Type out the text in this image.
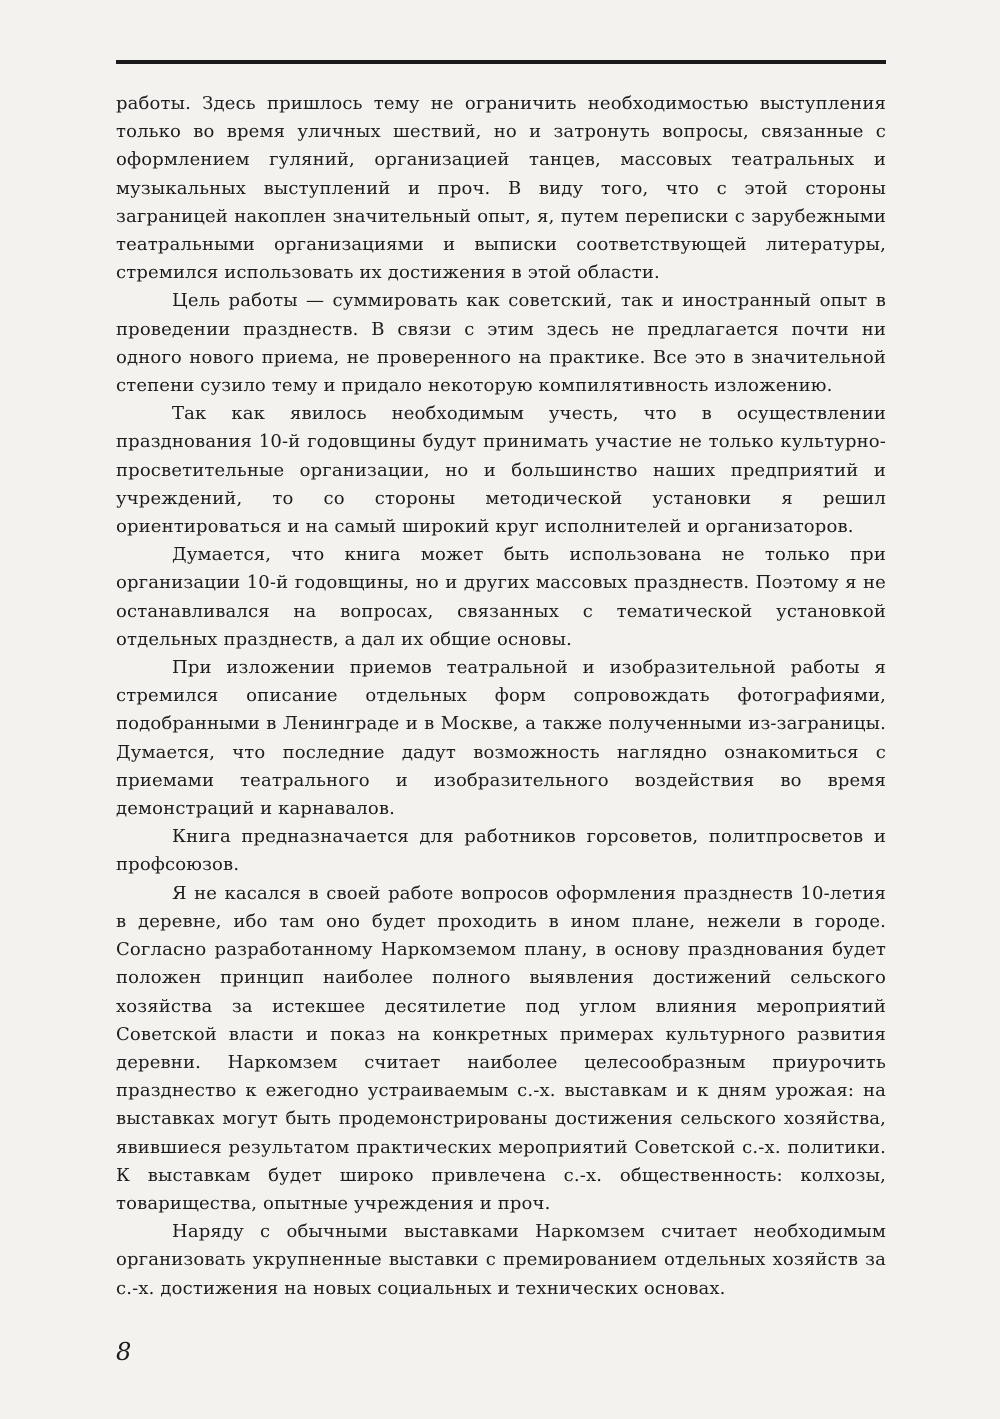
работы. Здесь пришлось тему не ограничить необходимостью выступления только во время уличных шествий, но и затронуть вопросы, связанные с оформлением гуляний, организацией танцев, массовых театральных и музыкальных выступлений и проч. В виду того, что с этой стороны заграницей накоплен значительный опыт, я, путем переписки с зарубежными театральными организациями и выписки соответствующей литературы, стремился использовать их достижения в этой области.

Цель работы — суммировать как советский, так и иностранный опыт в проведении празднеств. В связи с этим здесь не предлагается почти ни одного нового приема, не проверенного на практике. Все это в значительной степени сузило тему и придало некоторую компилятивность изложению.

Так как явилось необходимым учесть, что в осуществлении празднования 10-й годовщины будут принимать участие не только культурно-просветительные организации, но и большинство наших предприятий и учреждений, то со стороны методической установки я решил ориентироваться и на самый широкий круг исполнителей и организаторов.

Думается, что книга может быть использована не только при организации 10-й годовщины, но и других массовых празднеств. Поэтому я не останавливался на вопросах, связанных с тематической установкой отдельных празднеств, а дал их общие основы.

При изложении приемов театральной и изобразительной работы я стремился описание отдельных форм сопровождать фотографиями, подобранными в Ленинграде и в Москве, а также полученными из-заграницы. Думается, что последние дадут возможность наглядно ознакомиться с приемами театрального и изобразительного воздействия во время демонстраций и карнавалов.

Книга предназначается для работников горсоветов, политпросветов и профсоюзов.

Я не касался в своей работе вопросов оформления празднеств 10-летия в деревне, ибо там оно будет проходить в ином плане, нежели в городе. Согласно разработанному Наркомземом плану, в основу празднования будет положен принцип наиболее полного выявления достижений сельского хозяйства за истекшее десятилетие под углом влияния мероприятий Советской власти и показ на конкретных примерах культурного развития деревни. Наркомзем считает наиболее целесообразным приурочить празднество к ежегодно устраиваемым с.-х. выставкам и к дням урожая: на выставках могут быть продемонстрированы достижения сельского хозяйства, явившиеся результатом практических мероприятий Советской с.-х. политики. К выставкам будет широко привлечена с.-х. общественность: колхозы, товарищества, опытные учреждения и проч.

Наряду с обычными выставками Наркомзем считает необходимым организовать укрупненные выставки с премированием отдельных хозяйств за с.-х. достижения на новых социальных и технических основах.

8
